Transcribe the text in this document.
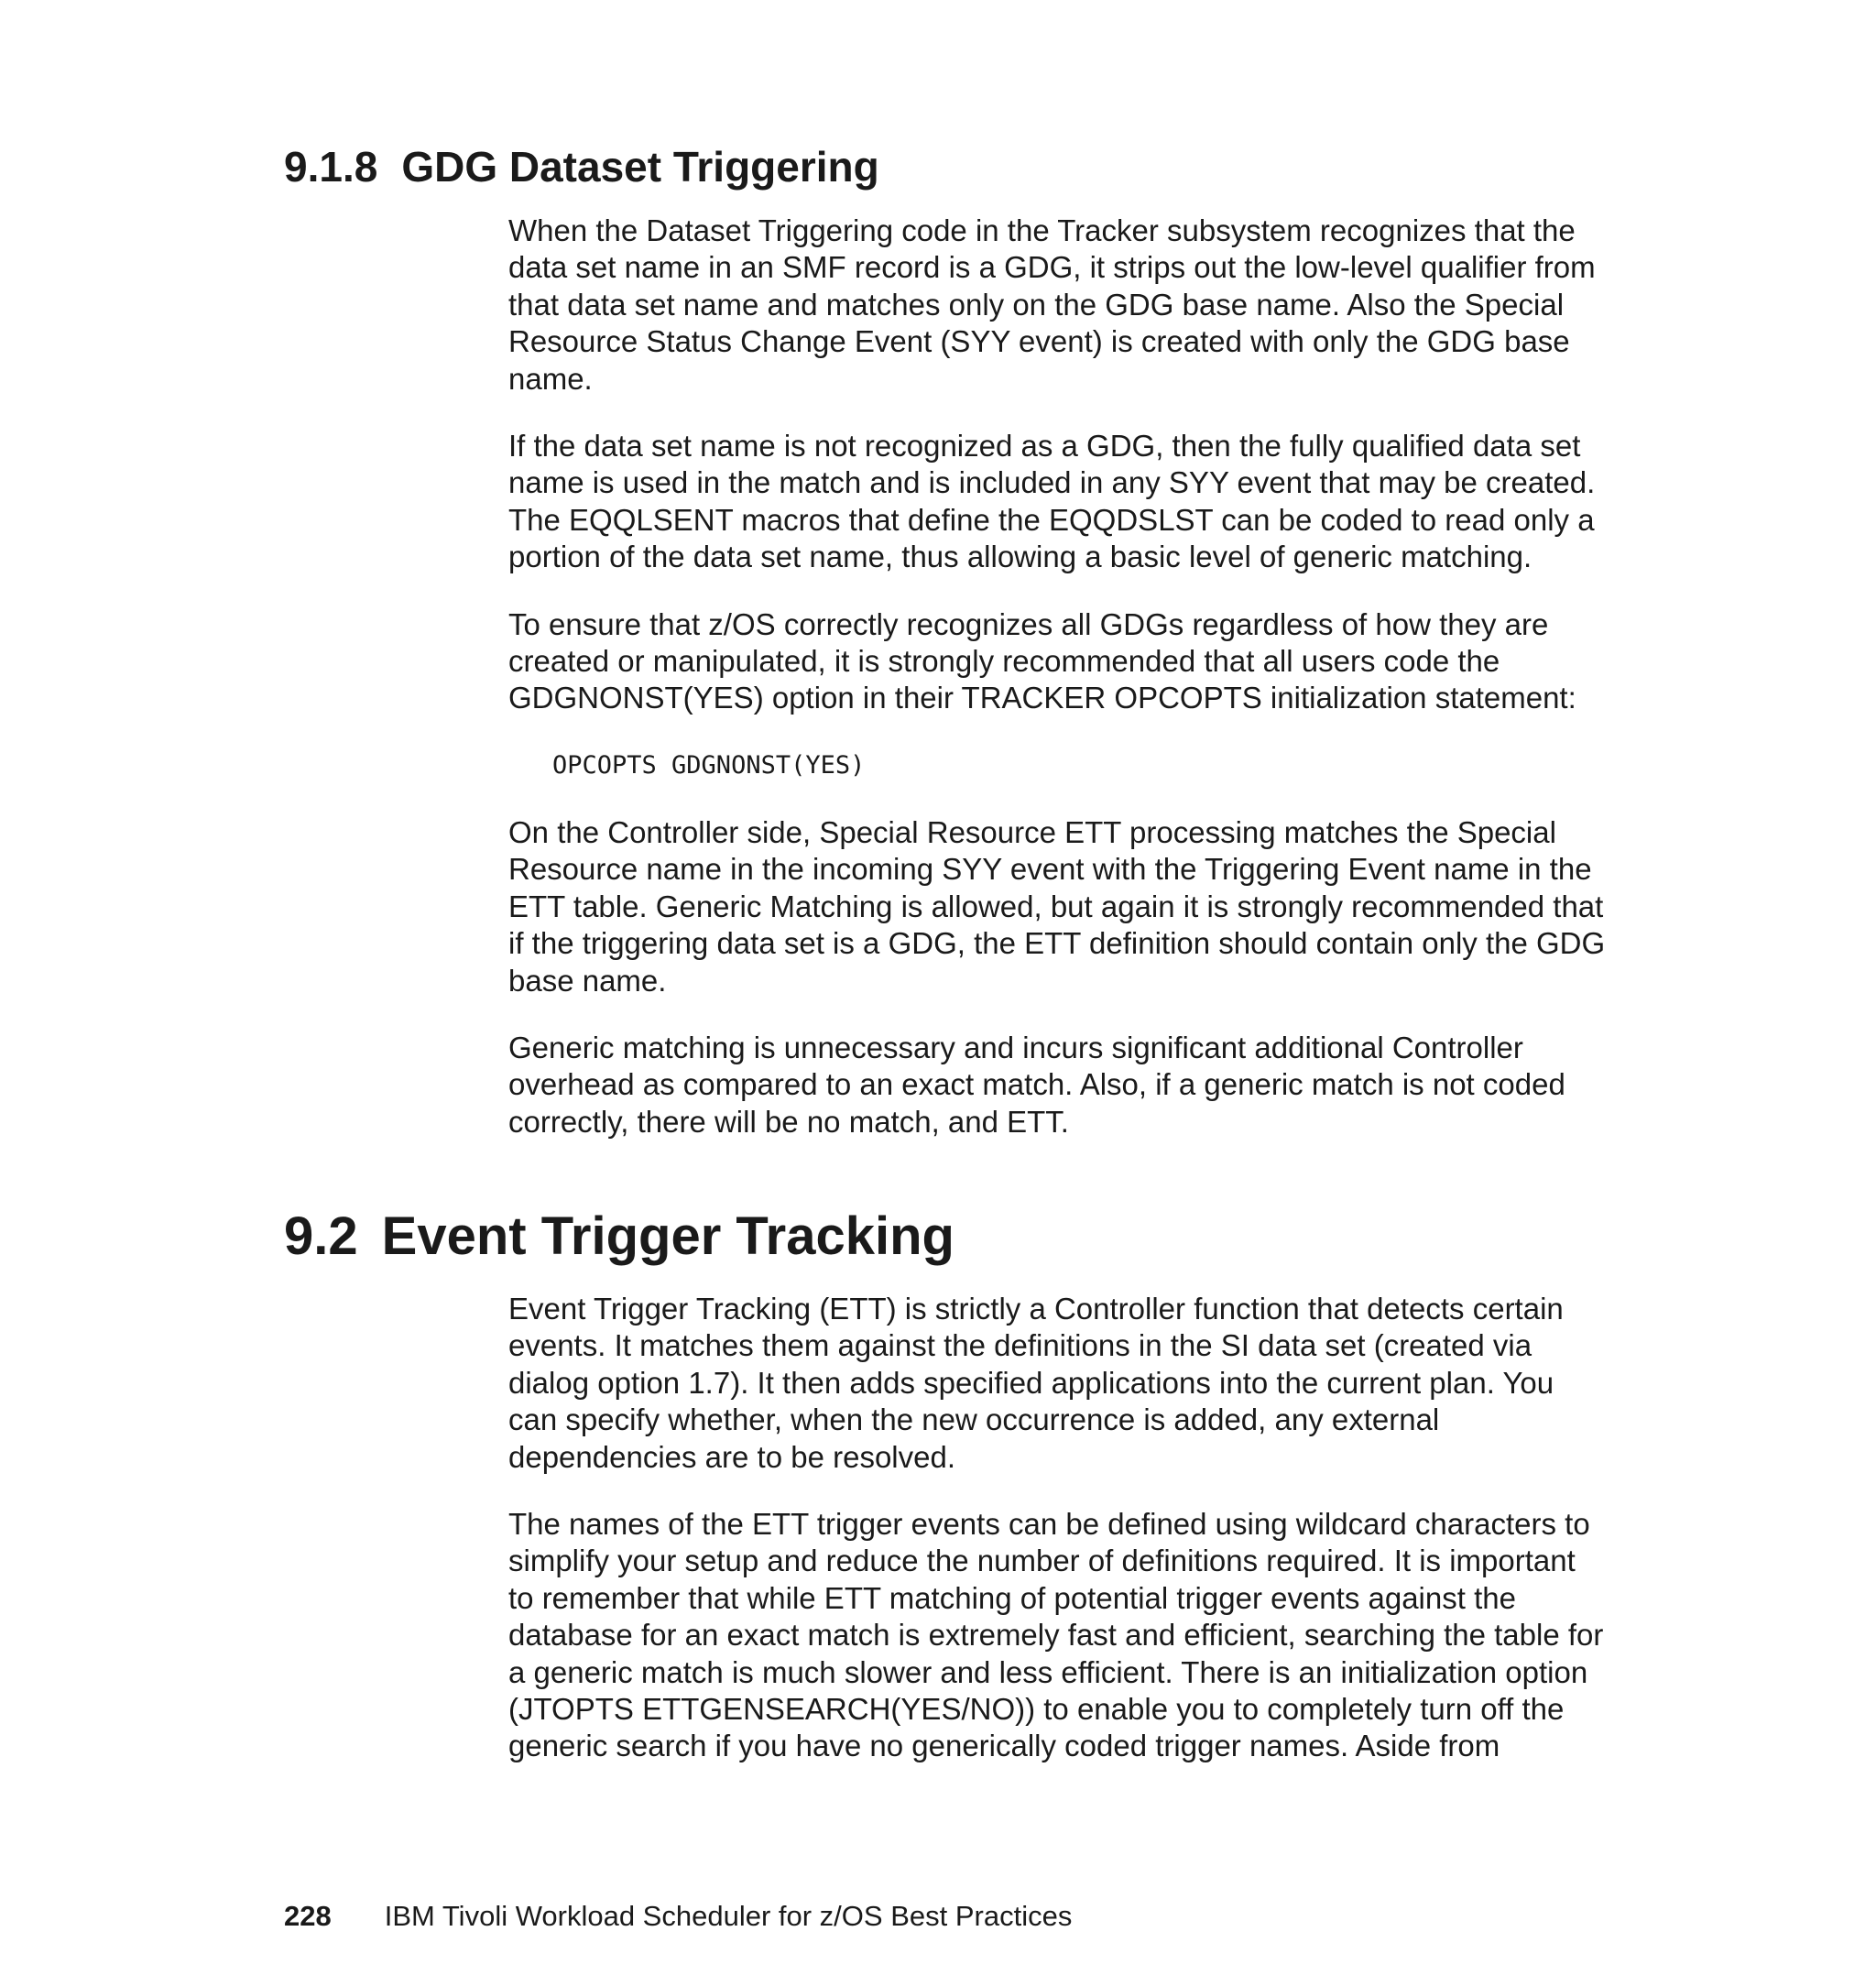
9.1.8 GDG Dataset Triggering

When the Dataset Triggering code in the Tracker subsystem recognizes that the data set name in an SMF record is a GDG, it strips out the low-level qualifier from that data set name and matches only on the GDG base name. Also the Special Resource Status Change Event (SYY event) is created with only the GDG base name.

If the data set name is not recognized as a GDG, then the fully qualified data set name is used in the match and is included in any SYY event that may be created. The EQQLSENT macros that define the EQQDSLST can be coded to read only a portion of the data set name, thus allowing a basic level of generic matching.

To ensure that z/OS correctly recognizes all GDGs regardless of how they are created or manipulated, it is strongly recommended that all users code the GDGNONST(YES) option in their TRACKER OPCOPTS initialization statement:

OPCOPTS GDGNONST(YES)

On the Controller side, Special Resource ETT processing matches the Special Resource name in the incoming SYY event with the Triggering Event name in the ETT table. Generic Matching is allowed, but again it is strongly recommended that if the triggering data set is a GDG, the ETT definition should contain only the GDG base name.

Generic matching is unnecessary and incurs significant additional Controller overhead as compared to an exact match. Also, if a generic match is not coded correctly, there will be no match, and ETT.

9.2 Event Trigger Tracking

Event Trigger Tracking (ETT) is strictly a Controller function that detects certain events. It matches them against the definitions in the SI data set (created via dialog option 1.7). It then adds specified applications into the current plan. You can specify whether, when the new occurrence is added, any external dependencies are to be resolved.

The names of the ETT trigger events can be defined using wildcard characters to simplify your setup and reduce the number of definitions required. It is important to remember that while ETT matching of potential trigger events against the database for an exact match is extremely fast and efficient, searching the table for a generic match is much slower and less efficient. There is an initialization option (JTOPTS ETTGENSEARCH(YES/NO)) to enable you to completely turn off the generic search if you have no generically coded trigger names. Aside from

228 IBM Tivoli Workload Scheduler for z/OS Best Practices
